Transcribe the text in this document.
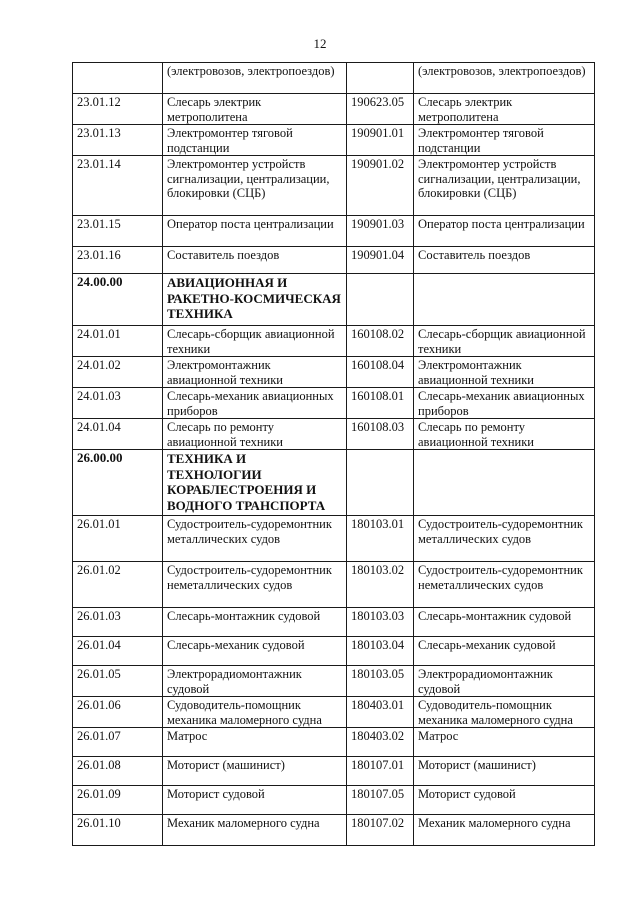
12
	(электровозов, электропоездов)		(электровозов, электропоездов)
23.01.12	Слесарь электрик метрополитена	190623.05	Слесарь электрик метрополитена
23.01.13	Электромонтер тяговой подстанции	190901.01	Электромонтер тяговой подстанции
23.01.14	Электромонтер устройств сигнализации, централизации, блокировки (СЦБ)	190901.02	Электромонтер устройств сигнализации, централизации, блокировки (СЦБ)
23.01.15	Оператор поста централизации	190901.03	Оператор поста централизации
23.01.16	Составитель поездов	190901.04	Составитель поездов
24.00.00	АВИАЦИОННАЯ И РАКЕТНО-КОСМИЧЕСКАЯ ТЕХНИКА		
24.01.01	Слесарь-сборщик авиационной техники	160108.02	Слесарь-сборщик авиационной техники
24.01.02	Электромонтажник авиационной техники	160108.04	Электромонтажник авиационной техники
24.01.03	Слесарь-механик авиационных приборов	160108.01	Слесарь-механик авиационных приборов
24.01.04	Слесарь по ремонту авиационной техники	160108.03	Слесарь по ремонту авиационной техники
26.00.00	ТЕХНИКА И ТЕХНОЛОГИИ КОРАБЛЕСТРОЕНИЯ И ВОДНОГО ТРАНСПОРТА		
26.01.01	Судостроитель-судоремонтник металлических судов	180103.01	Судостроитель-судоремонтник металлических судов
26.01.02	Судостроитель-судоремонтник неметаллических судов	180103.02	Судостроитель-судоремонтник неметаллических судов
26.01.03	Слесарь-монтажник судовой	180103.03	Слесарь-монтажник судовой
26.01.04	Слесарь-механик судовой	180103.04	Слесарь-механик судовой
26.01.05	Электрорадиомонтажник судовой	180103.05	Электрорадиомонтажник судовой
26.01.06	Судоводитель-помощник механика маломерного судна	180403.01	Судоводитель-помощник механика маломерного судна
26.01.07	Матрос	180403.02	Матрос
26.01.08	Моторист (машинист)	180107.01	Моторист (машинист)
26.01.09	Моторист судовой	180107.05	Моторист судовой
26.01.10	Механик маломерного судна	180107.02	Механик маломерного судна
